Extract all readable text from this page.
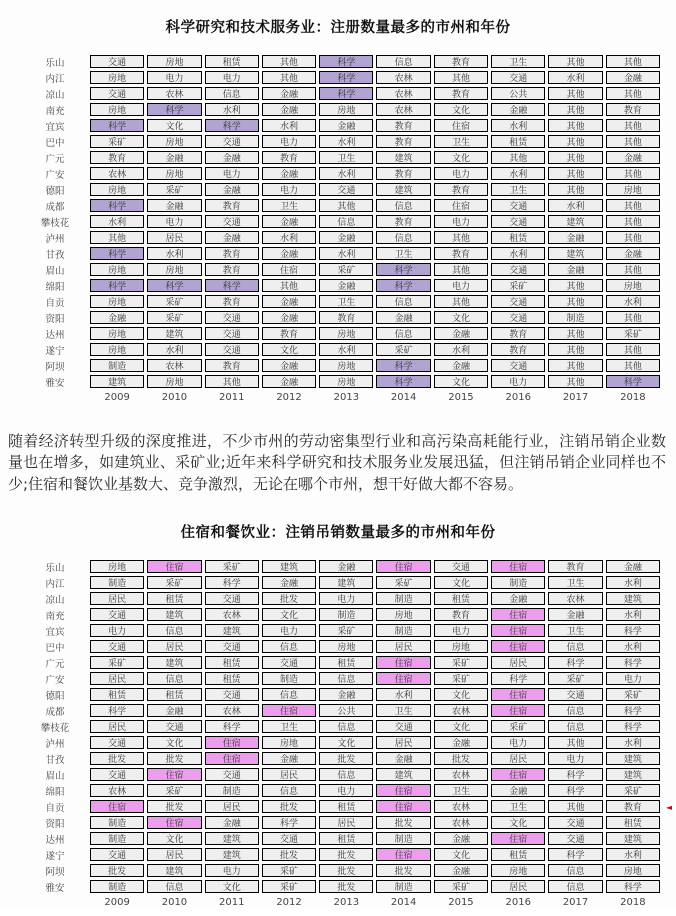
科学研究和技术服务业：注册数量最多的市州和年份
乐山	交通	房地	租赁	其他	科学	信息	教育	卫生	其他	其他
内江	房地	电力	电力	其他	科学	农林	其他	交通	水利	金融
凉山	交通	农林	信息	金融	科学	农林	教育	公共	其他	其他
南充	房地	科学	水利	金融	房地	农林	文化	金融	其他	教育
宜宾	科学	文化	科学	水利	金融	教育	住宿	水利	其他	其他
巴中	采矿	房地	交通	电力	水利	教育	卫生	租赁	其他	其他
广元	教育	金融	金融	教育	卫生	建筑	文化	其他	其他	金融
广安	农林	房地	电力	金融	水利	教育	电力	水利	其他	其他
德阳	房地	采矿	金融	电力	交通	建筑	教育	卫生	其他	房地
成都	科学	金融	教育	卫生	其他	信息	住宿	交通	水利	其他
攀枝花	水利	电力	交通	金融	信息	教育	电力	交通	建筑	其他
泸州	其他	居民	金融	水利	金融	信息	其他	租赁	金融	其他
甘孜	科学	水利	教育	金融	水利	卫生	教育	水利	建筑	金融
眉山	房地	房地	教育	住宿	采矿	科学	其他	交通	金融	其他
绵阳	科学	科学	科学	其他	金融	科学	电力	采矿	其他	房地
自贡	房地	采矿	教育	金融	卫生	信息	其他	交通	其他	水利
资阳	金融	采矿	交通	金融	教育	金融	文化	交通	制造	其他
达州	房地	建筑	交通	教育	房地	信息	金融	教育	其他	采矿
遂宁	房地	水利	交通	文化	水利	采矿	水利	教育	其他	其他
阿坝	制造	农林	教育	金融	房地	科学	金融	交通	其他	其他
雅安	建筑	房地	其他	金融	房地	科学	文化	电力	其他	科学
2009	2010	2011	2012	2013	2014	2015	2016	2017	2018
随着经济转型升级的深度推进，不少市州的劳动密集型行业和高污染高耗能行业，注销吊销企业数量也在增多，如建筑业、采矿业;近年来科学研究和技术服务业发展迅猛，但注销吊销企业同样也不少;住宿和餐饮业基数大、竞争激烈，无论在哪个市州，想干好做大都不容易。
住宿和餐饮业：注销吊销数量最多的市州和年份
◄
乐山	房地	住宿	采矿	建筑	金融	住宿	交通	住宿	教育	金融
内江	制造	采矿	科学	金融	建筑	采矿	文化	制造	卫生	水利
凉山	居民	租赁	交通	批发	电力	制造	租赁	金融	农林	建筑
南充	交通	建筑	农林	文化	制造	房地	教育	住宿	金融	水利
宜宾	电力	信息	建筑	电力	采矿	制造	电力	住宿	卫生	科学
巴中	交通	居民	交通	信息	房地	居民	房地	住宿	信息	水利
广元	采矿	建筑	租赁	交通	租赁	住宿	采矿	居民	科学	科学
广安	居民	信息	租赁	制造	信息	住宿	采矿	科学	采矿	电力
德阳	租赁	租赁	交通	信息	金融	水利	文化	住宿	交通	采矿
成都	科学	金融	农林	住宿	公共	卫生	农林	住宿	信息	科学
攀枝花	居民	交通	科学	卫生	信息	交通	文化	采矿	信息	科学
泸州	交通	文化	住宿	房地	文化	居民	金融	电力	其他	水利
甘孜	批发	批发	住宿	金融	批发	金融	批发	居民	电力	建筑
眉山	交通	住宿	交通	居民	信息	建筑	农林	住宿	科学	建筑
绵阳	农林	采矿	制造	信息	电力	住宿	卫生	金融	科学	采矿
自贡	住宿	批发	居民	批发	租赁	住宿	农林	卫生	其他	教育
资阳	制造	住宿	金融	科学	居民	批发	农林	文化	交通	租赁
达州	制造	文化	建筑	交通	租赁	制造	金融	住宿	交通	建筑
遂宁	交通	居民	建筑	批发	批发	住宿	文化	租赁	科学	水利
阿坝	批发	建筑	电力	采矿	批发	批发	金融	房地	信息	房地
雅安	制造	信息	文化	采矿	批发	制造	采矿	居民	信息	科学
2009	2010	2011	2012	2013	2014	2015	2016	2017	2018
